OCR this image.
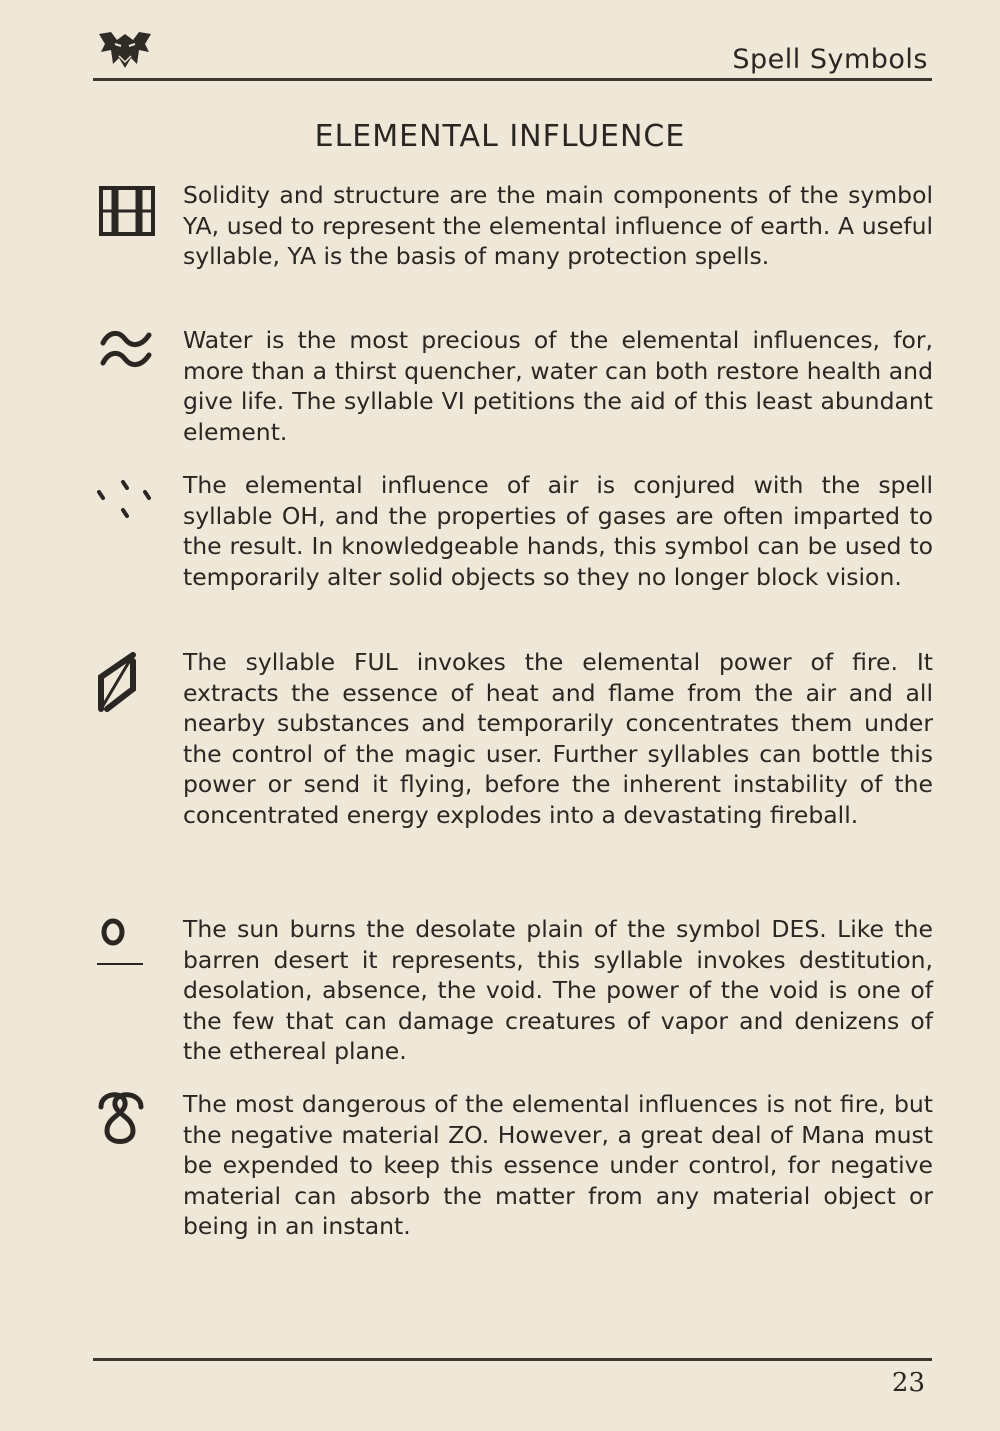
Spell Symbols
ELEMENTAL INFLUENCE

Solidity and structure are the main components of the symbol YA, used to represent the elemental influence of earth. A useful syllable, YA is the basis of many protection spells.

Water is the most precious of the elemental influences, for, more than a thirst quencher, water can both restore health and give life. The syllable VI petitions the aid of this least abundant element.

The elemental influence of air is conjured with the spell syllable OH, and the properties of gases are often imparted to the result. In knowledgeable hands, this symbol can be used to temporarily alter solid objects so they no longer block vision.

The syllable FUL invokes the elemental power of fire. It extracts the essence of heat and flame from the air and all nearby substances and temporarily concentrates them under the control of the magic user. Further syllables can bottle this power or send it flying, before the inherent instability of the concentrated energy explodes into a devastating fireball.

The sun burns the desolate plain of the symbol DES. Like the barren desert it represents, this syllable invokes destitution, desolation, absence, the void. The power of the void is one of the few that can damage creatures of vapor and denizens of the ethereal plane.

The most dangerous of the elemental influences is not fire, but the negative material ZO. However, a great deal of Mana must be expended to keep this essence under control, for negative material can absorb the matter from any material object or being in an instant.

23
